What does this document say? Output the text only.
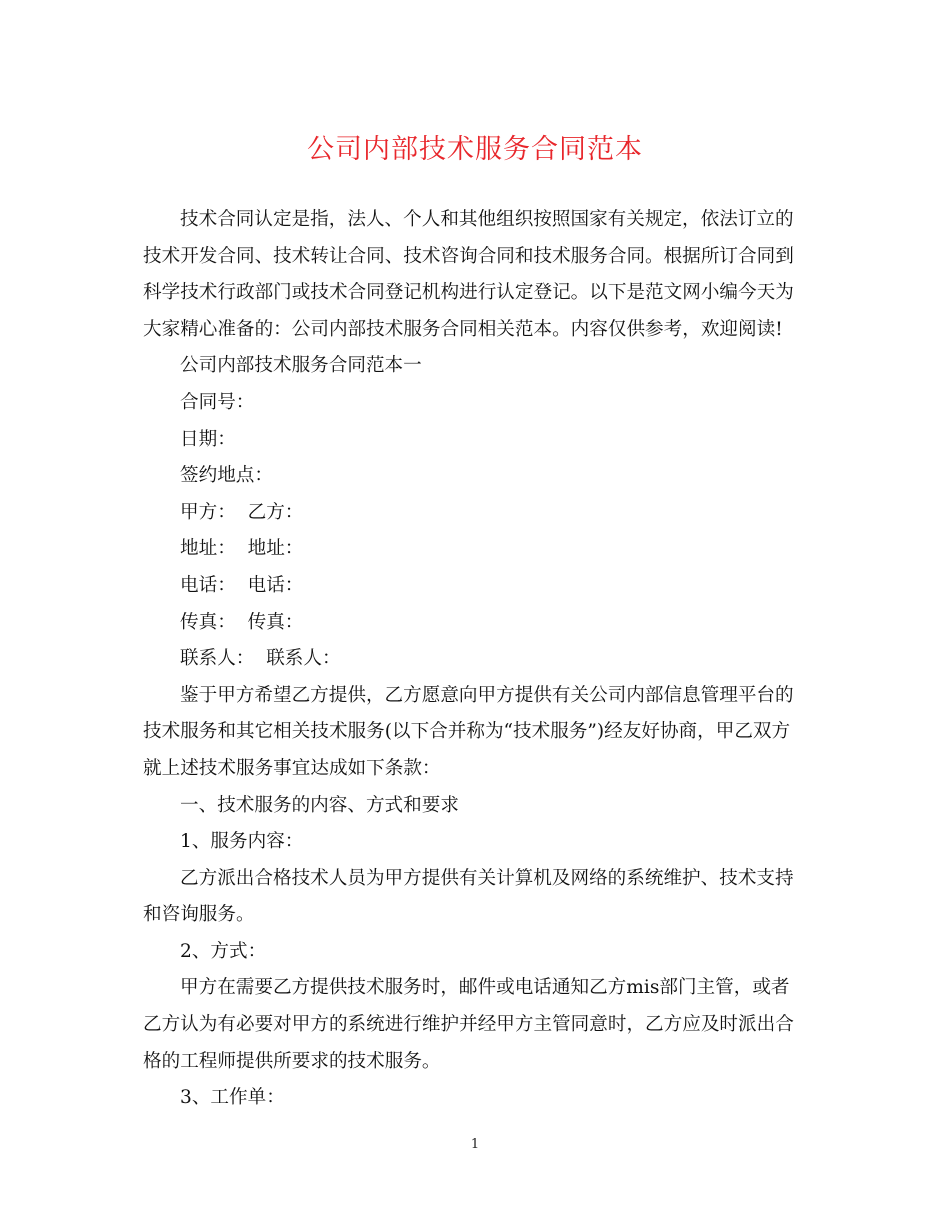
公司内部技术服务合同范本

技术合同认定是指，法人、个人和其他组织按照国家有关规定，依法订立的
技术开发合同、技术转让合同、技术咨询合同和技术服务合同。根据所订合同到
科学技术行政部门或技术合同登记机构进行认定登记。以下是范文网小编今天为
大家精心准备的：公司内部技术服务合同相关范本。内容仅供参考，欢迎阅读!

公司内部技术服务合同范本一

合同号：

日期：

签约地点：

甲方：  乙方：

地址：  地址：

电话：  电话：

传真：  传真：

联系人：  联系人：

鉴于甲方希望乙方提供，乙方愿意向甲方提供有关公司内部信息管理平台的
技术服务和其它相关技术服务(以下合并称为“技术服务”)经友好协商，甲乙双方
就上述技术服务事宜达成如下条款：

一、技术服务的内容、方式和要求

1、服务内容：

乙方派出合格技术人员为甲方提供有关计算机及网络的系统维护、技术支持
和咨询服务。

2、方式：

甲方在需要乙方提供技术服务时，邮件或电话通知乙方mis部门主管，或者
乙方认为有必要对甲方的系统进行维护并经甲方主管同意时，乙方应及时派出合
格的工程师提供所要求的技术服务。

3、工作单：

1
